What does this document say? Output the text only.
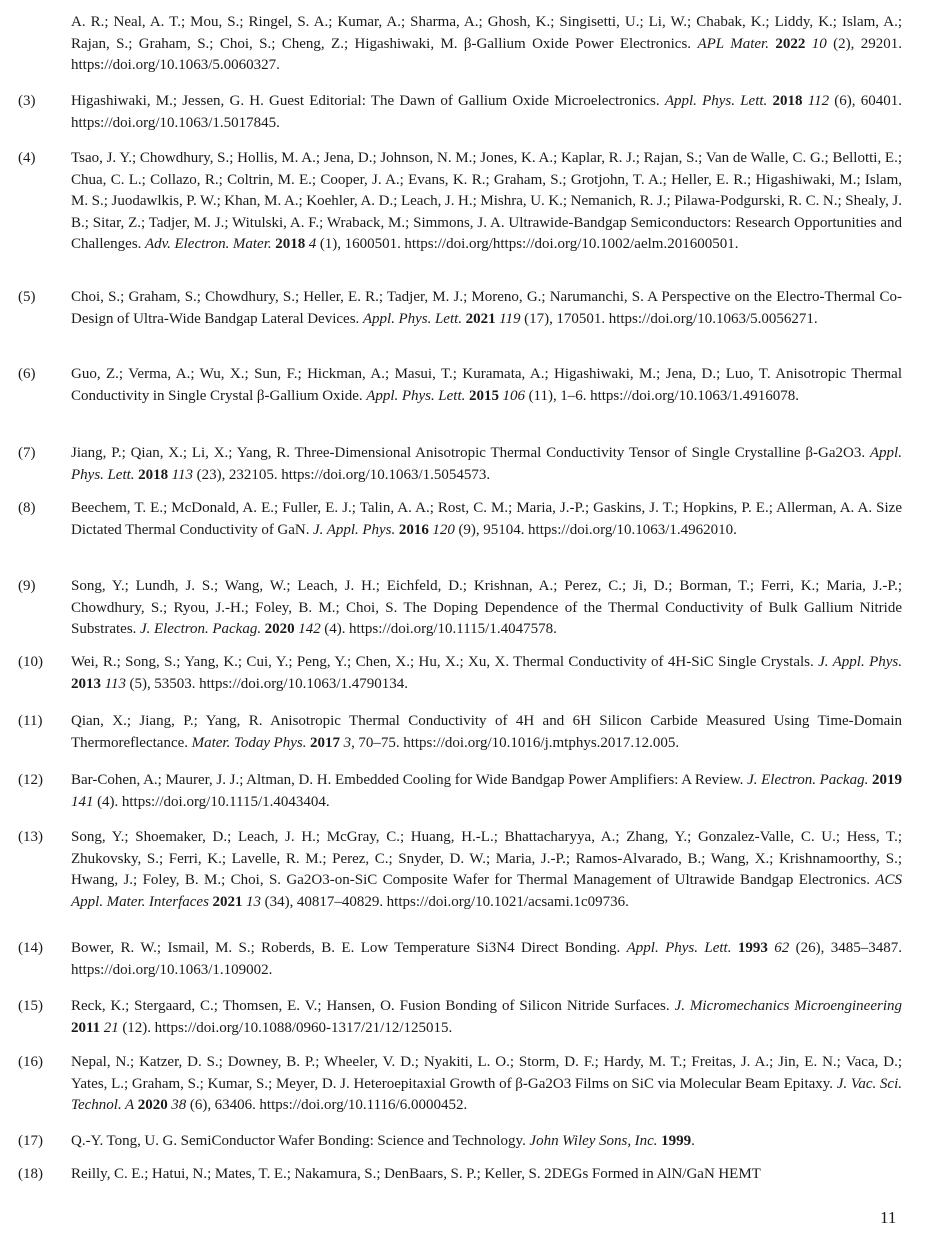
A. R.; Neal, A. T.; Mou, S.; Ringel, S. A.; Kumar, A.; Sharma, A.; Ghosh, K.; Singisetti, U.; Li, W.; Chabak, K.; Liddy, K.; Islam, A.; Rajan, S.; Graham, S.; Choi, S.; Cheng, Z.; Higashiwaki, M. β-Gallium Oxide Power Electronics. APL Mater. 2022 10 (2), 29201. https://doi.org/10.1063/5.0060327.
(3)	Higashiwaki, M.; Jessen, G. H. Guest Editorial: The Dawn of Gallium Oxide Microelectronics. Appl. Phys. Lett. 2018 112 (6), 60401. https://doi.org/10.1063/1.5017845.
(4)	Tsao, J. Y.; Chowdhury, S.; Hollis, M. A.; Jena, D.; Johnson, N. M.; Jones, K. A.; Kaplar, R. J.; Rajan, S.; Van de Walle, C. G.; Bellotti, E.; Chua, C. L.; Collazo, R.; Coltrin, M. E.; Cooper, J. A.; Evans, K. R.; Graham, S.; Grotjohn, T. A.; Heller, E. R.; Higashiwaki, M.; Islam, M. S.; Juodawlkis, P. W.; Khan, M. A.; Koehler, A. D.; Leach, J. H.; Mishra, U. K.; Nemanich, R. J.; Pilawa-Podgurski, R. C. N.; Shealy, J. B.; Sitar, Z.; Tadjer, M. J.; Witulski, A. F.; Wraback, M.; Simmons, J. A. Ultrawide-Bandgap Semiconductors: Research Opportunities and Challenges. Adv. Electron. Mater. 2018 4 (1), 1600501. https://doi.org/https://doi.org/10.1002/aelm.201600501.
(5)	Choi, S.; Graham, S.; Chowdhury, S.; Heller, E. R.; Tadjer, M. J.; Moreno, G.; Narumanchi, S. A Perspective on the Electro-Thermal Co-Design of Ultra-Wide Bandgap Lateral Devices. Appl. Phys. Lett. 2021 119 (17), 170501. https://doi.org/10.1063/5.0056271.
(6)	Guo, Z.; Verma, A.; Wu, X.; Sun, F.; Hickman, A.; Masui, T.; Kuramata, A.; Higashiwaki, M.; Jena, D.; Luo, T. Anisotropic Thermal Conductivity in Single Crystal β-Gallium Oxide. Appl. Phys. Lett. 2015 106 (11), 1–6. https://doi.org/10.1063/1.4916078.
(7)	Jiang, P.; Qian, X.; Li, X.; Yang, R. Three-Dimensional Anisotropic Thermal Conductivity Tensor of Single Crystalline β-Ga2O3. Appl. Phys. Lett. 2018 113 (23), 232105. https://doi.org/10.1063/1.5054573.
(8)	Beechem, T. E.; McDonald, A. E.; Fuller, E. J.; Talin, A. A.; Rost, C. M.; Maria, J.-P.; Gaskins, J. T.; Hopkins, P. E.; Allerman, A. A. Size Dictated Thermal Conductivity of GaN. J. Appl. Phys. 2016 120 (9), 95104. https://doi.org/10.1063/1.4962010.
(9)	Song, Y.; Lundh, J. S.; Wang, W.; Leach, J. H.; Eichfeld, D.; Krishnan, A.; Perez, C.; Ji, D.; Borman, T.; Ferri, K.; Maria, J.-P.; Chowdhury, S.; Ryou, J.-H.; Foley, B. M.; Choi, S. The Doping Dependence of the Thermal Conductivity of Bulk Gallium Nitride Substrates. J. Electron. Packag. 2020 142 (4). https://doi.org/10.1115/1.4047578.
(10)	Wei, R.; Song, S.; Yang, K.; Cui, Y.; Peng, Y.; Chen, X.; Hu, X.; Xu, X. Thermal Conductivity of 4H-SiC Single Crystals. J. Appl. Phys. 2013 113 (5), 53503. https://doi.org/10.1063/1.4790134.
(11)	Qian, X.; Jiang, P.; Yang, R. Anisotropic Thermal Conductivity of 4H and 6H Silicon Carbide Measured Using Time-Domain Thermoreflectance. Mater. Today Phys. 2017 3, 70–75. https://doi.org/10.1016/j.mtphys.2017.12.005.
(12)	Bar-Cohen, A.; Maurer, J. J.; Altman, D. H. Embedded Cooling for Wide Bandgap Power Amplifiers: A Review. J. Electron. Packag. 2019 141 (4). https://doi.org/10.1115/1.4043404.
(13)	Song, Y.; Shoemaker, D.; Leach, J. H.; McGray, C.; Huang, H.-L.; Bhattacharyya, A.; Zhang, Y.; Gonzalez-Valle, C. U.; Hess, T.; Zhukovsky, S.; Ferri, K.; Lavelle, R. M.; Perez, C.; Snyder, D. W.; Maria, J.-P.; Ramos-Alvarado, B.; Wang, X.; Krishnamoorthy, S.; Hwang, J.; Foley, B. M.; Choi, S. Ga2O3-on-SiC Composite Wafer for Thermal Management of Ultrawide Bandgap Electronics. ACS Appl. Mater. Interfaces 2021 13 (34), 40817–40829. https://doi.org/10.1021/acsami.1c09736.
(14)	Bower, R. W.; Ismail, M. S.; Roberds, B. E. Low Temperature Si3N4 Direct Bonding. Appl. Phys. Lett. 1993 62 (26), 3485–3487. https://doi.org/10.1063/1.109002.
(15)	Reck, K.; Stergaard, C.; Thomsen, E. V.; Hansen, O. Fusion Bonding of Silicon Nitride Surfaces. J. Micromechanics Microengineering 2011 21 (12). https://doi.org/10.1088/0960-1317/21/12/125015.
(16)	Nepal, N.; Katzer, D. S.; Downey, B. P.; Wheeler, V. D.; Nyakiti, L. O.; Storm, D. F.; Hardy, M. T.; Freitas, J. A.; Jin, E. N.; Vaca, D.; Yates, L.; Graham, S.; Kumar, S.; Meyer, D. J. Heteroepitaxial Growth of β-Ga2O3 Films on SiC via Molecular Beam Epitaxy. J. Vac. Sci. Technol. A 2020 38 (6), 63406. https://doi.org/10.1116/6.0000452.
(17)	Q.-Y. Tong, U. G. SemiConductor Wafer Bonding: Science and Technology. John Wiley Sons, Inc. 1999.
(18)	Reilly, C. E.; Hatui, N.; Mates, T. E.; Nakamura, S.; DenBaars, S. P.; Keller, S. 2DEGs Formed in AlN/GaN HEMT
11
